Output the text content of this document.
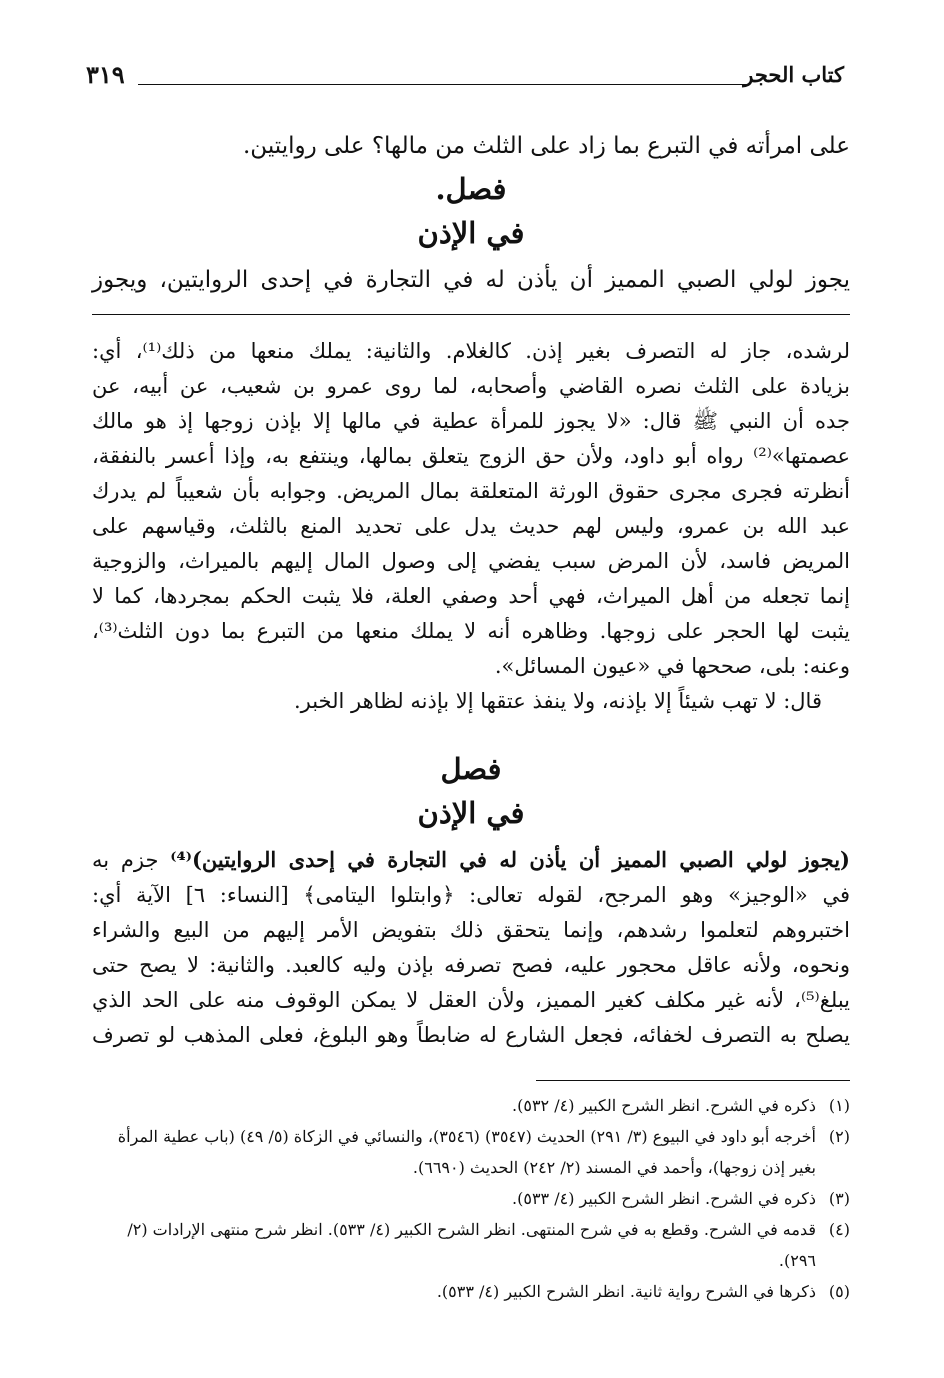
كتاب الحجر
٣١٩
على امرأته في التبرع بما زاد على الثلث من مالها؟ على روايتين.
فصل.
في الإذن
يجوز لولي الصبي المميز أن يأذن له في التجارة في إحدى الروايتين، ويجوز

لرشده، جاز له التصرف بغير إذن. كالغلام. والثانية: يملك منعها من ذلك⁽¹⁾، أي:

بزيادة على الثلث نصره القاضي وأصحابه، لما روى عمرو بن شعيب، عن أبيه، عن

جده أن النبي ﷺ قال: «لا يجوز للمرأة عطية في مالها إلا بإذن زوجها إذ هو مالك

عصمتها»⁽²⁾ رواه أبو داود، ولأن حق الزوج يتعلق بمالها، وينتفع به، وإذا أعسر بالنفقة،

أنظرته فجرى مجرى حقوق الورثة المتعلقة بمال المريض. وجوابه بأن شعيباً لم يدرك

عبد الله بن عمرو، وليس لهم حديث يدل على تحديد المنع بالثلث، وقياسهم على

المريض فاسد، لأن المرض سبب يفضي إلى وصول المال إليهم بالميراث، والزوجية

إنما تجعله من أهل الميراث، فهي أحد وصفي العلة، فلا يثبت الحكم بمجردها، كما لا

يثبت لها الحجر على زوجها. وظاهره أنه لا يملك منعها من التبرع بما دون الثلث⁽³⁾،

وعنه: بلى، صححها في «عيون المسائل».

قال: لا تهب شيئاً إلا بإذنه، ولا ينفذ عتقها إلا بإذنه لظاهر الخبر.

فصل
في الإذن

(يجوز لولي الصبي المميز أن يأذن له في التجارة في إحدى الروايتين)⁽⁴⁾ جزم به

في «الوجيز» وهو المرجح، لقوله تعالى: ﴿وابتلوا اليتامى﴾ [النساء: ٦] الآية أي:

اختبروهم لتعلموا رشدهم، وإنما يتحقق ذلك بتفويض الأمر إليهم من البيع والشراء

ونحوه، ولأنه عاقل محجور عليه، فصح تصرفه بإذن وليه كالعبد. والثانية: لا يصح حتى

يبلغ⁽⁵⁾، لأنه غير مكلف كغير المميز، ولأن العقل لا يمكن الوقوف منه على الحد الذي

يصلح به التصرف لخفائه، فجعل الشارع له ضابطاً وهو البلوغ، فعلى المذهب لو تصرف

(١)
ذكره في الشرح. انظر الشرح الكبير (٤/ ٥٣٢).
(٢)
أخرجه أبو داود في البيوع (٣/ ٢٩١) الحديث (٣٥٤٧) (٣٥٤٦)، والنسائي في الزكاة (٥/ ٤٩) (باب عطية المرأة بغير إذن زوجها)، وأحمد في المسند (٢/ ٢٤٢) الحديث (٦٦٩٠).
(٣)
ذكره في الشرح. انظر الشرح الكبير (٤/ ٥٣٣).
(٤)
قدمه في الشرح. وقطع به في شرح المنتهى. انظر الشرح الكبير (٤/ ٥٣٣). انظر شرح منتهى الإرادات (٢/ ٢٩٦).
(٥)
ذكرها في الشرح رواية ثانية. انظر الشرح الكبير (٤/ ٥٣٣).
